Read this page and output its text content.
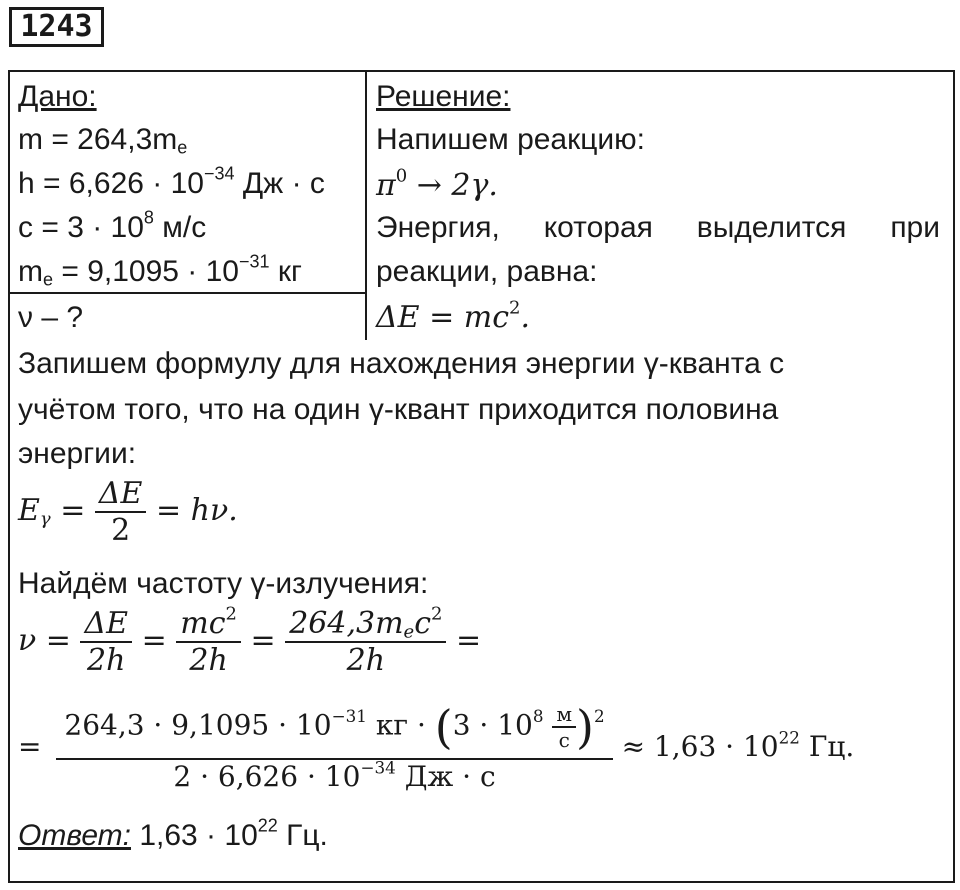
1243
Дано:
$m = 264,3m_e$
$h = 6,626 \cdot 10^{-34}$ Дж · с
$c = 3 \cdot 10^8$ м/с
$m_e = 9,1095 \cdot 10^{-31}$ кг
ν – ?
Решение:
Напишем реакцию:
$\pi^0 \to 2\gamma$.
Энергия, которая выделится при
реакции, равна:
$\Delta E = mc^2$.
Запишем формулу для нахождения энергии γ-кванта с
учётом того, что на один γ-квант приходится половина
энергии:
$E_\gamma = \frac{\Delta E}{2} = h\nu$.
Найдём частоту γ-излучения:
$\nu = \frac{\Delta E}{2h} = \frac{mc^2}{2h} = \frac{264,3m_ec^2}{2h}$ =
= $\frac{264,3 \cdot 9,1095 \cdot 10^{-31} кг \cdot (3 \cdot 10^8 \frac{м}{с} )^2}{2 \cdot 6,626 \cdot 10^{-34} Дж \cdot с} \approx 1,63 \cdot 10^{22}$ Гц.
Ответ: $1,63 \cdot 10^{22}$ Гц.
